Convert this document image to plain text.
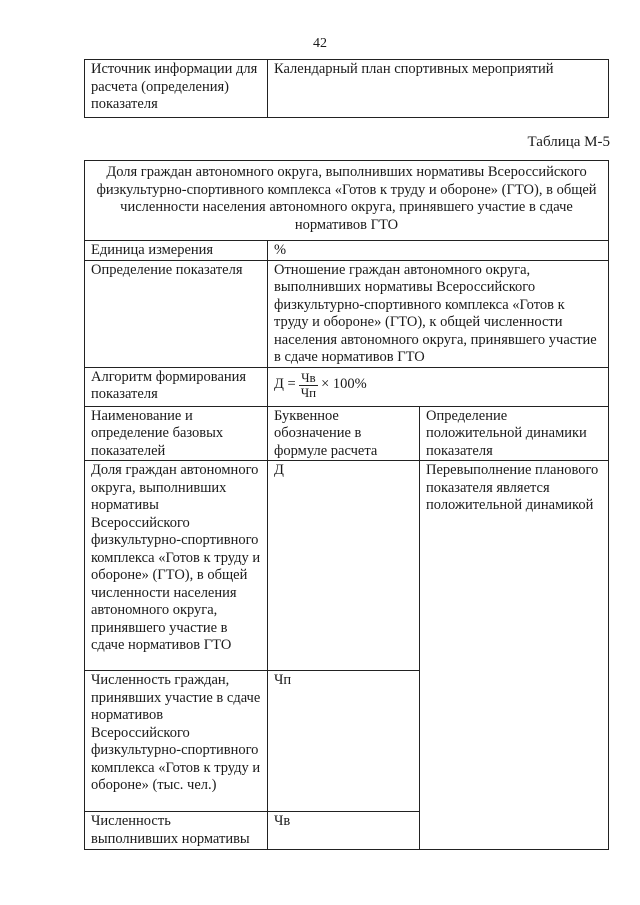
42
Источник информации для расчета (определения) показателя	Календарный план спортивных мероприятий
Таблица М-5
Доля граждан автономного округа, выполнивших нормативы Всероссийского физкультурно-спортивного комплекса «Готов к труду и обороне» (ГТО), в общей численности населения автономного округа, принявшего участие в сдаче нормативов ГТО		
Единица измерения	%	
Определение показателя	Отношение граждан автономного округа, выполнивших нормативы Всероссийского физкультурно-спортивного комплекса «Готов к труду и обороне» (ГТО), к общей численности населения автономного округа, принявшего участие в сдаче нормативов ГТО	
Алгоритм формирования показателя	$Д = \frac{Чв}{Чп} \times 100\%$	

Наименование и определение базовых показателей	Буквенное обозначение в формуле расчета	Определение положительной динамики показателя
Доля граждан автономного округа, выполнивших нормативы Всероссийского физкультурно-спортивного комплекса «Готов к труду и обороне» (ГТО), в общей численности населения автономного округа, принявшего участие в сдаче нормативов ГТО	Д	Перевыполнение планового показателя является положительной динамикой
Численность граждан, принявших участие в сдаче нормативов Всероссийского физкультурно-спортивного комплекса «Готов к труду и обороне» (тыс. чел.)	Чп	
Численность выполнивших нормативы	Чв	
